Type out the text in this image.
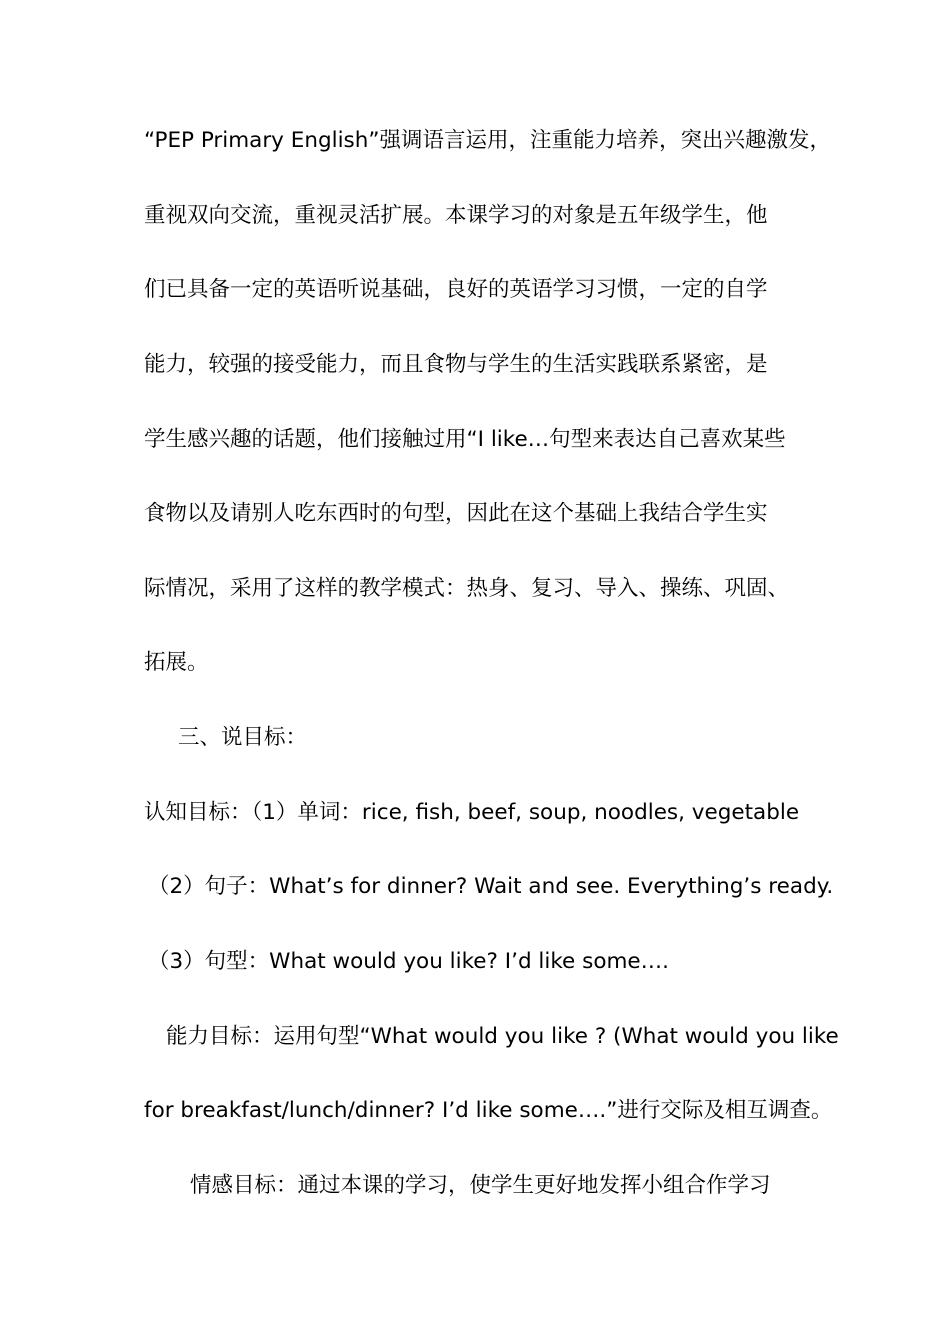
“PEP Primary English”强调语言运用，注重能力培养，突出兴趣激发，
重视双向交流，重视灵活扩展。本课学习的对象是五年级学生，他
们已具备一定的英语听说基础，良好的英语学习习惯，一定的自学
能力，较强的接受能力，而且食物与学生的生活实践联系紧密，是
学生感兴趣的话题，他们接触过用“I like…句型来表达自己喜欢某些
食物以及请别人吃东西时的句型，因此在这个基础上我结合学生实
际情况，采用了这样的教学模式：热身、复习、导入、操练、巩固、
拓展。
三、说目标：
认知目标：（1）单词：rice, fish, beef, soup, noodles, vegetable
（2）句子：What’s for dinner? Wait and see. Everything’s ready.
（3）句型：What would you like? I’d like some….
能力目标：运用句型“What would you like ? (What would you like
for breakfast/lunch/dinner? I’d like some….”进行交际及相互调查。
情感目标：通过本课的学习，使学生更好地发挥小组合作学习
